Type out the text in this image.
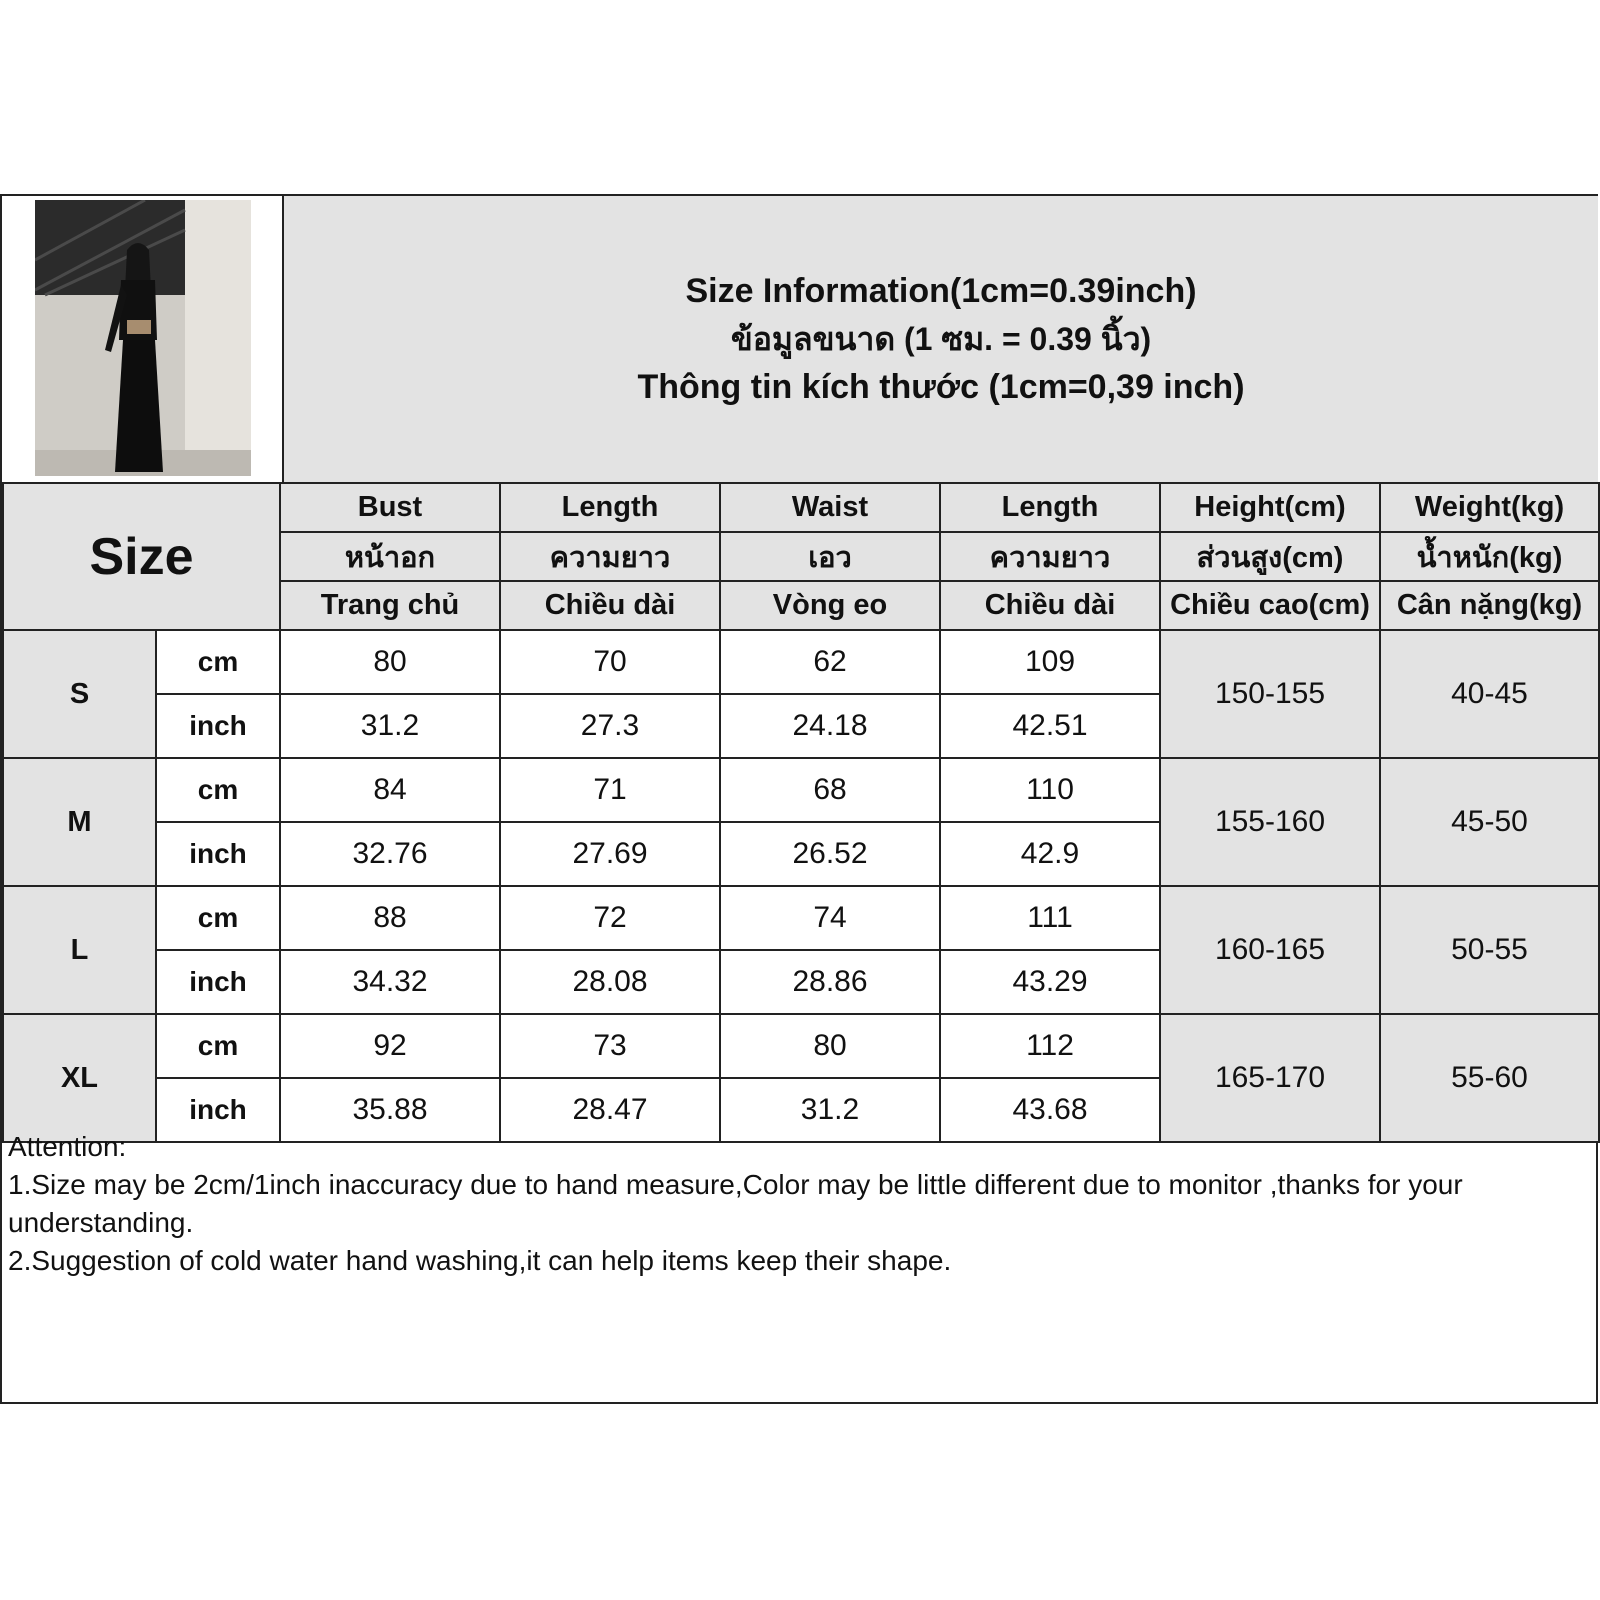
Size Information(1cm=0.39inch)
ข้อมูลขนาด (1 ซม. = 0.39 นิ้ว)
Thông tin kích thước (1cm=0,39 inch)
Size		Bust	Length	Waist	Length	Height(cm)	Weight(kg)
		หน้าอก	ความยาว	เอว	ความยาว	ส่วนสูง(cm)	น้ำหนัก(kg)
		Trang chủ	Chiều dài	Vòng eo	Chiều dài	Chiều cao(cm)	Cân nặng(kg)
S	cm	80	70	62	109	150-155	40-45
	inch	31.2	27.3	24.18	42.51		
M	cm	84	71	68	110	155-160	45-50
	inch	32.76	27.69	26.52	42.9		
L	cm	88	72	74	111	160-165	50-55
	inch	34.32	28.08	28.86	43.29		
XL	cm	92	73	80	112	165-170	55-60
	inch	35.88	28.47	31.2	43.68		

Attention:

1.Size may be 2cm/1inch inaccuracy due to hand measure,Color may be little different due to monitor ,thanks for your understanding.

2.Suggestion of cold water hand washing,it can help items keep their shape.
